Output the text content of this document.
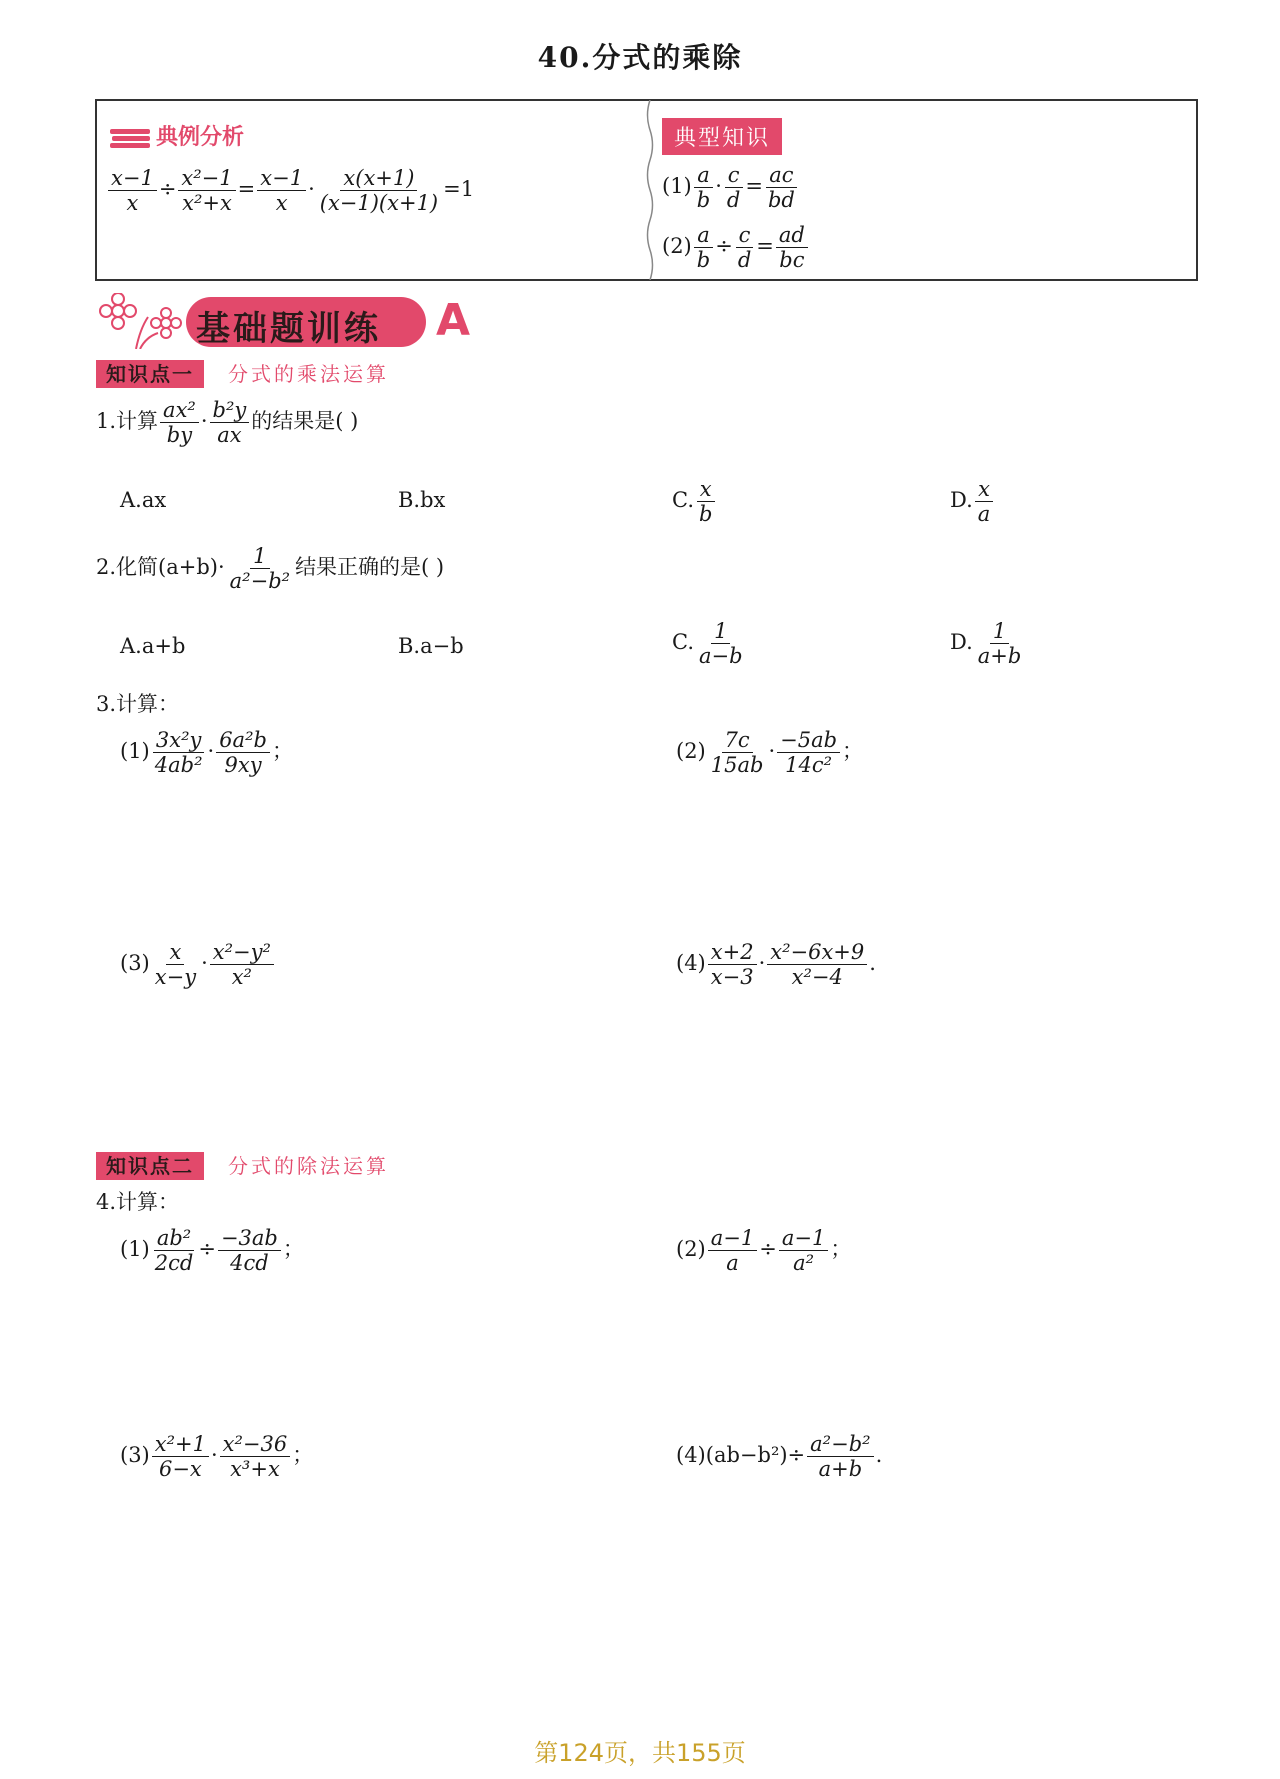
40.分式的乘除
典例分析
$\frac{x-1}{x} \div \frac{\text{x²−1}}{\text{x²+x}} = \frac{x-1}{x} \cdot \frac{x(x+1)}{(x-1)(x+1)} =1$
典型知识
$(1) \frac{a}{b} \cdot \frac{c}{d} = \frac{ac}{bd}$
$(2) \frac{a}{b} \div \frac{c}{d} = \frac{ad}{bc}$
基础题训练 A
知识点一 分式的乘法运算
1.计算 $\frac{\text{ax²}}{by} \cdot \frac{\text{b²y}}{ax}$ 的结果是( )
A.ax	B.bx	C. $\frac{x}{b}$	D. $\frac{x}{a}$
2.化简$(a+b)\cdot \frac{1}{\text{a²−b²}}$ 结果正确的是( )
A.a+b	B.a−b	C. $\frac{1}{a-b}$	D. $\frac{1}{a+b}$
3.计算：
$(1) \frac{\text{3x²y}}{\text{4ab²}} \cdot \frac{\text{6a²b}}{9xy}$ ；	$(2) \frac{7c}{15ab} \cdot \frac{-5ab}{\text{14c²}}$ ；
$(3) \frac{x}{x-y} \cdot \frac{\text{x²−y²}}{\text{x²}}$	$(4) \frac{x+2}{x-3} \cdot \frac{\text{x²−6x+9}}{\text{x²−4}}$ .
知识点二 分式的除法运算
4.计算：
$(1) \frac{\text{ab²}}{2cd} \div \frac{-3ab}{4cd}$ ；	$(2) \frac{a-1}{a} \div \frac{a-1}{\text{a²}}$ ；
$(3) \frac{\text{x²+1}}{6-x} \cdot \frac{\text{x²−36}}{\text{x³+x}}$ ；	$(4)(ab-b^2)\div \frac{\text{a²−b²}}{a+b}$ .
第124页，共155页
